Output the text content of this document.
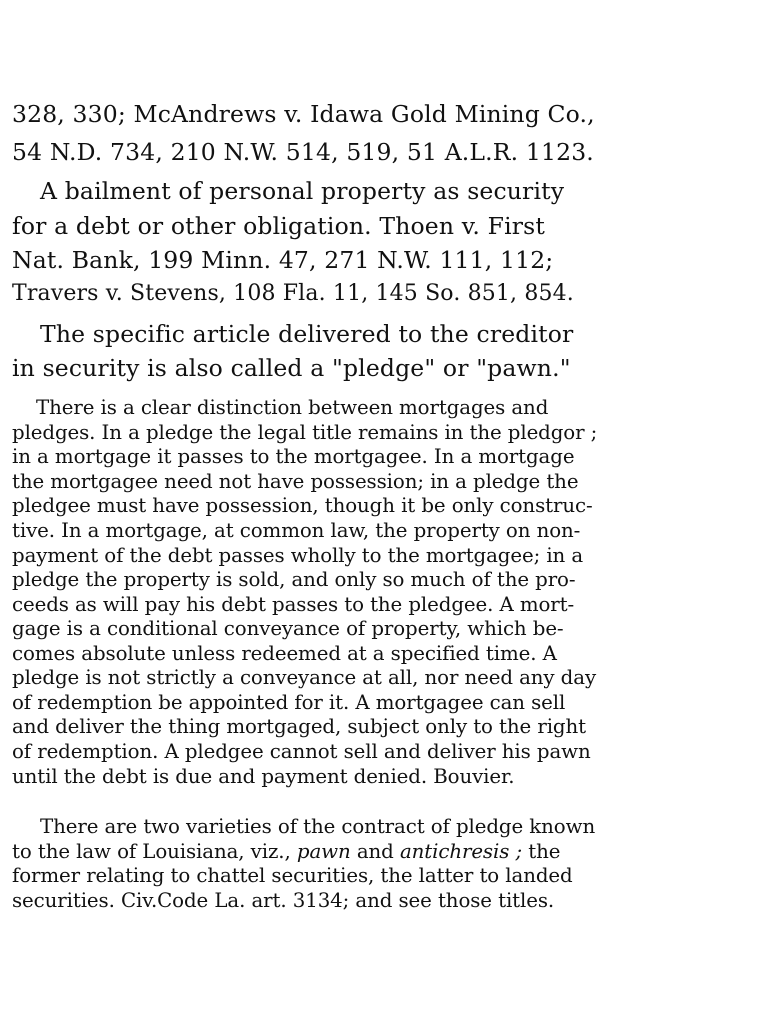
328, 330; McAndrews v. Idawa Gold Mining Co.,

54 N.D. 734, 210 N.W. 514, 519, 51 A.L.R. 1123.

A bailment of personal property as security

for a debt or other obligation. Thoen v. First

Nat. Bank, 199 Minn. 47, 271 N.W. 111, 112;

Travers v. Stevens, 108 Fla. 11, 145 So. 851, 854.

The specific article delivered to the creditor

in security is also called a "pledge" or "pawn."

There is a clear distinction between mortgages and

pledges. In a pledge the legal title remains in the pledgor ;

in a mortgage it passes to the mortgagee. In a mortgage

the mortgagee need not have possession; in a pledge the

pledgee must have possession, though it be only construc-

tive. In a mortgage, at common law, the property on non-

payment of the debt passes wholly to the mortgagee; in a

pledge the property is sold, and only so much of the pro-

ceeds as will pay his debt passes to the pledgee. A mort-

gage is a conditional conveyance of property, which be-

comes absolute unless redeemed at a specified time. A

pledge is not strictly a conveyance at all, nor need any day

of redemption be appointed for it. A mortgagee can sell

and deliver the thing mortgaged, subject only to the right

of redemption. A pledgee cannot sell and deliver his pawn

until the debt is due and payment denied. Bouvier.

There are two varieties of the contract of pledge known

to the law of Louisiana, viz., pawn and antichresis ; the

former relating to chattel securities, the latter to landed

securities. Civ.Code La. art. 3134; and see those titles.
